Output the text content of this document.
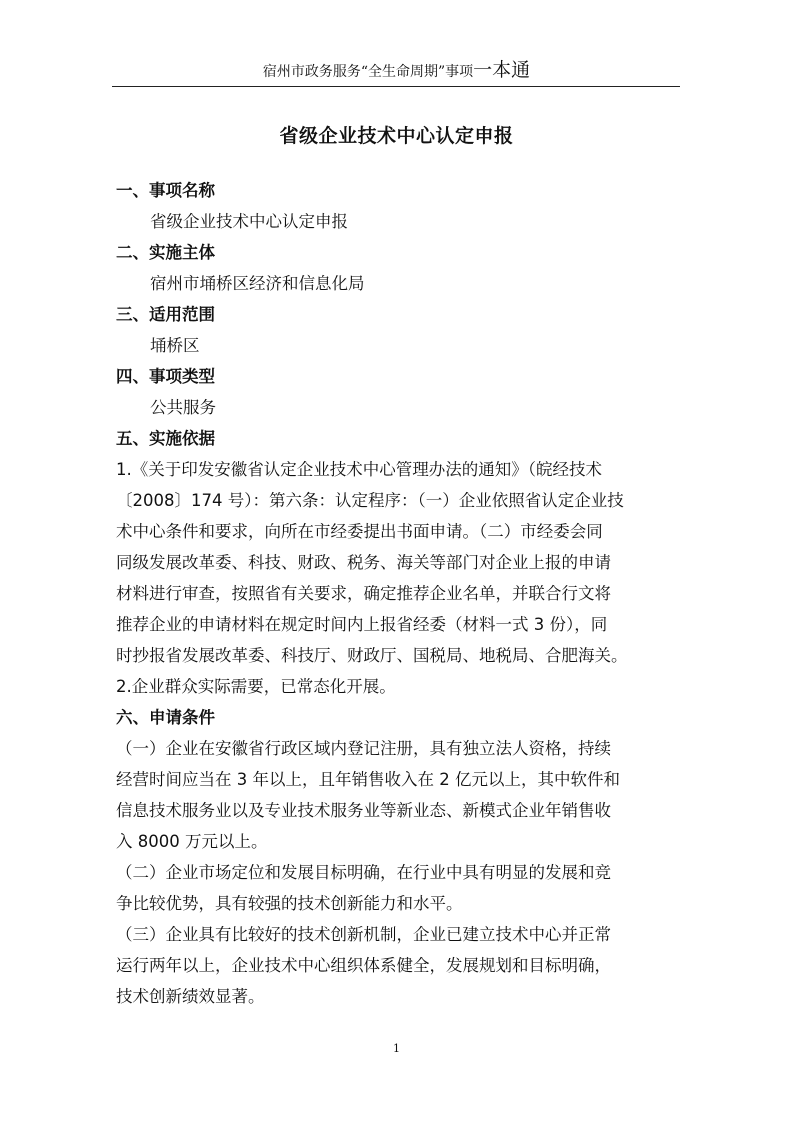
宿州市政务服务“全生命周期”事项一本通
省级企业技术中心认定申报
一、事项名称
省级企业技术中心认定申报
二、实施主体
宿州市埇桥区经济和信息化局
三、适用范围
埇桥区
四、事项类型
公共服务
五、实施依据
1.《关于印发安徽省认定企业技术中心管理办法的通知》（皖经技术
〔2008〕174 号）：第六条：认定程序：（一）企业依照省认定企业技
术中心条件和要求，向所在市经委提出书面申请。（二）市经委会同
同级发展改革委、科技、财政、税务、海关等部门对企业上报的申请
材料进行审查，按照省有关要求，确定推荐企业名单，并联合行文将
推荐企业的申请材料在规定时间内上报省经委（材料一式 3 份），同
时抄报省发展改革委、科技厅、财政厅、国税局、地税局、合肥海关。
2.企业群众实际需要，已常态化开展。
六、申请条件
（一）企业在安徽省行政区域内登记注册，具有独立法人资格，持续
经营时间应当在 3 年以上，且年销售收入在 2 亿元以上，其中软件和
信息技术服务业以及专业技术服务业等新业态、新模式企业年销售收
入 8000 万元以上。
（二）企业市场定位和发展目标明确，在行业中具有明显的发展和竞
争比较优势，具有较强的技术创新能力和水平。
（三）企业具有比较好的技术创新机制，企业已建立技术中心并正常
运行两年以上，企业技术中心组织体系健全，发展规划和目标明确，
技术创新绩效显著。
1
